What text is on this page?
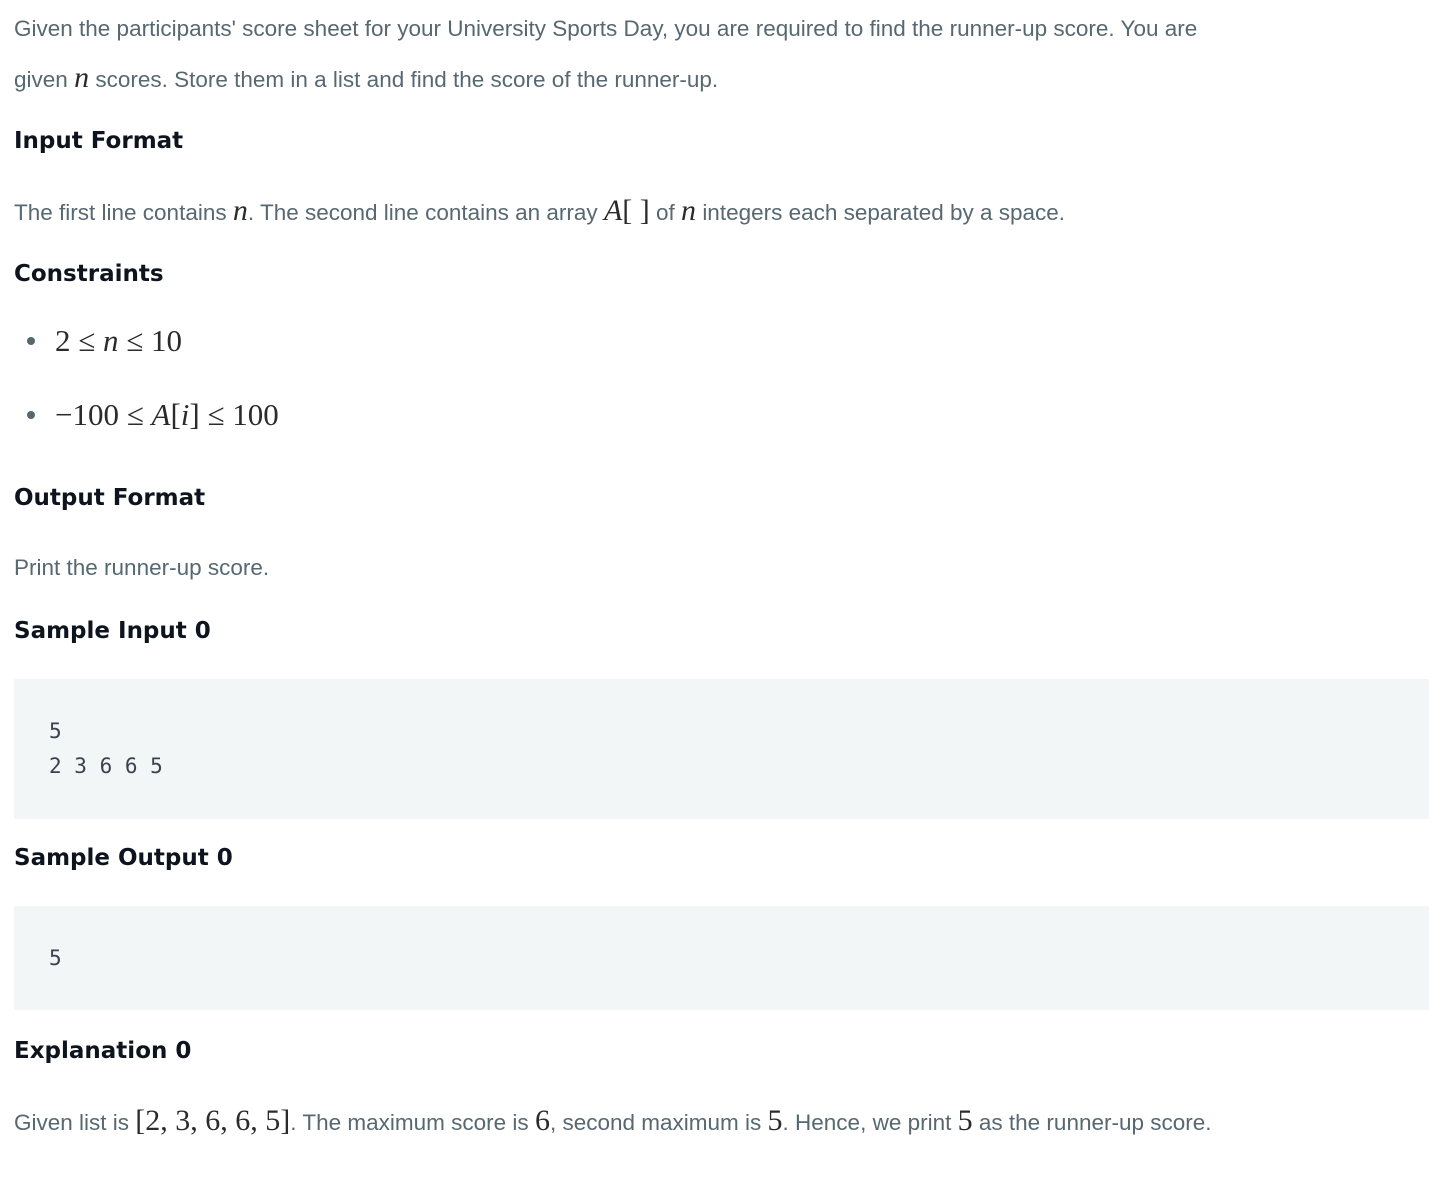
Given the participants' score sheet for your University Sports Day, you are required to find the runner-up score. You are
given n scores. Store them in a list and find the score of the runner-up.

Input Format

The first line contains n. The second line contains an array A[ ] of n integers each separated by a space.

Constraints
2 ≤ n ≤ 10
−100 ≤ A[i] ≤ 100
Output Format

Print the runner-up score.

Sample Input 0
5
2 3 6 6 5
Sample Output 0
5
Explanation 0

Given list is [2, 3, 6, 6, 5]. The maximum score is 6, second maximum is 5. Hence, we print 5 as the runner-up score.
